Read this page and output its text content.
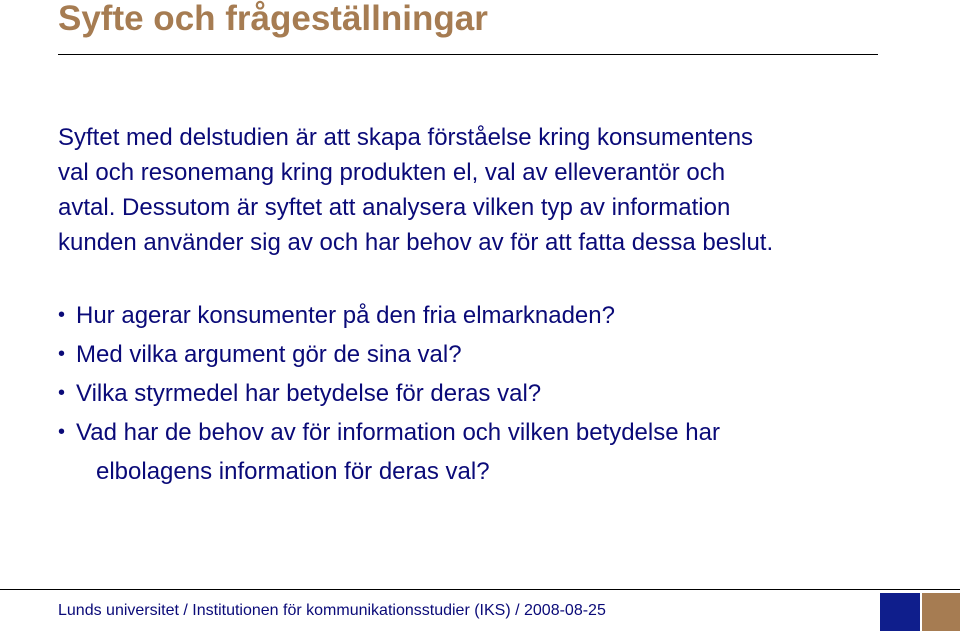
Syfte och frågeställningar
Syftet med delstudien är att skapa förståelse kring konsumentens
val och resonemang kring produkten el, val av elleverantör och
avtal. Dessutom är syftet att analysera vilken typ av information
kunden använder sig av och har behov av för att fatta dessa beslut.
• Hur agerar konsumenter på den fria elmarknaden?
• Med vilka argument gör de sina val?
• Vilka styrmedel har betydelse för deras val?
• Vad har de behov av för information och vilken betydelse har
elbolagens information för deras val?
Lunds universitet / Institutionen för kommunikationsstudier (IKS) / 2008-08-25
